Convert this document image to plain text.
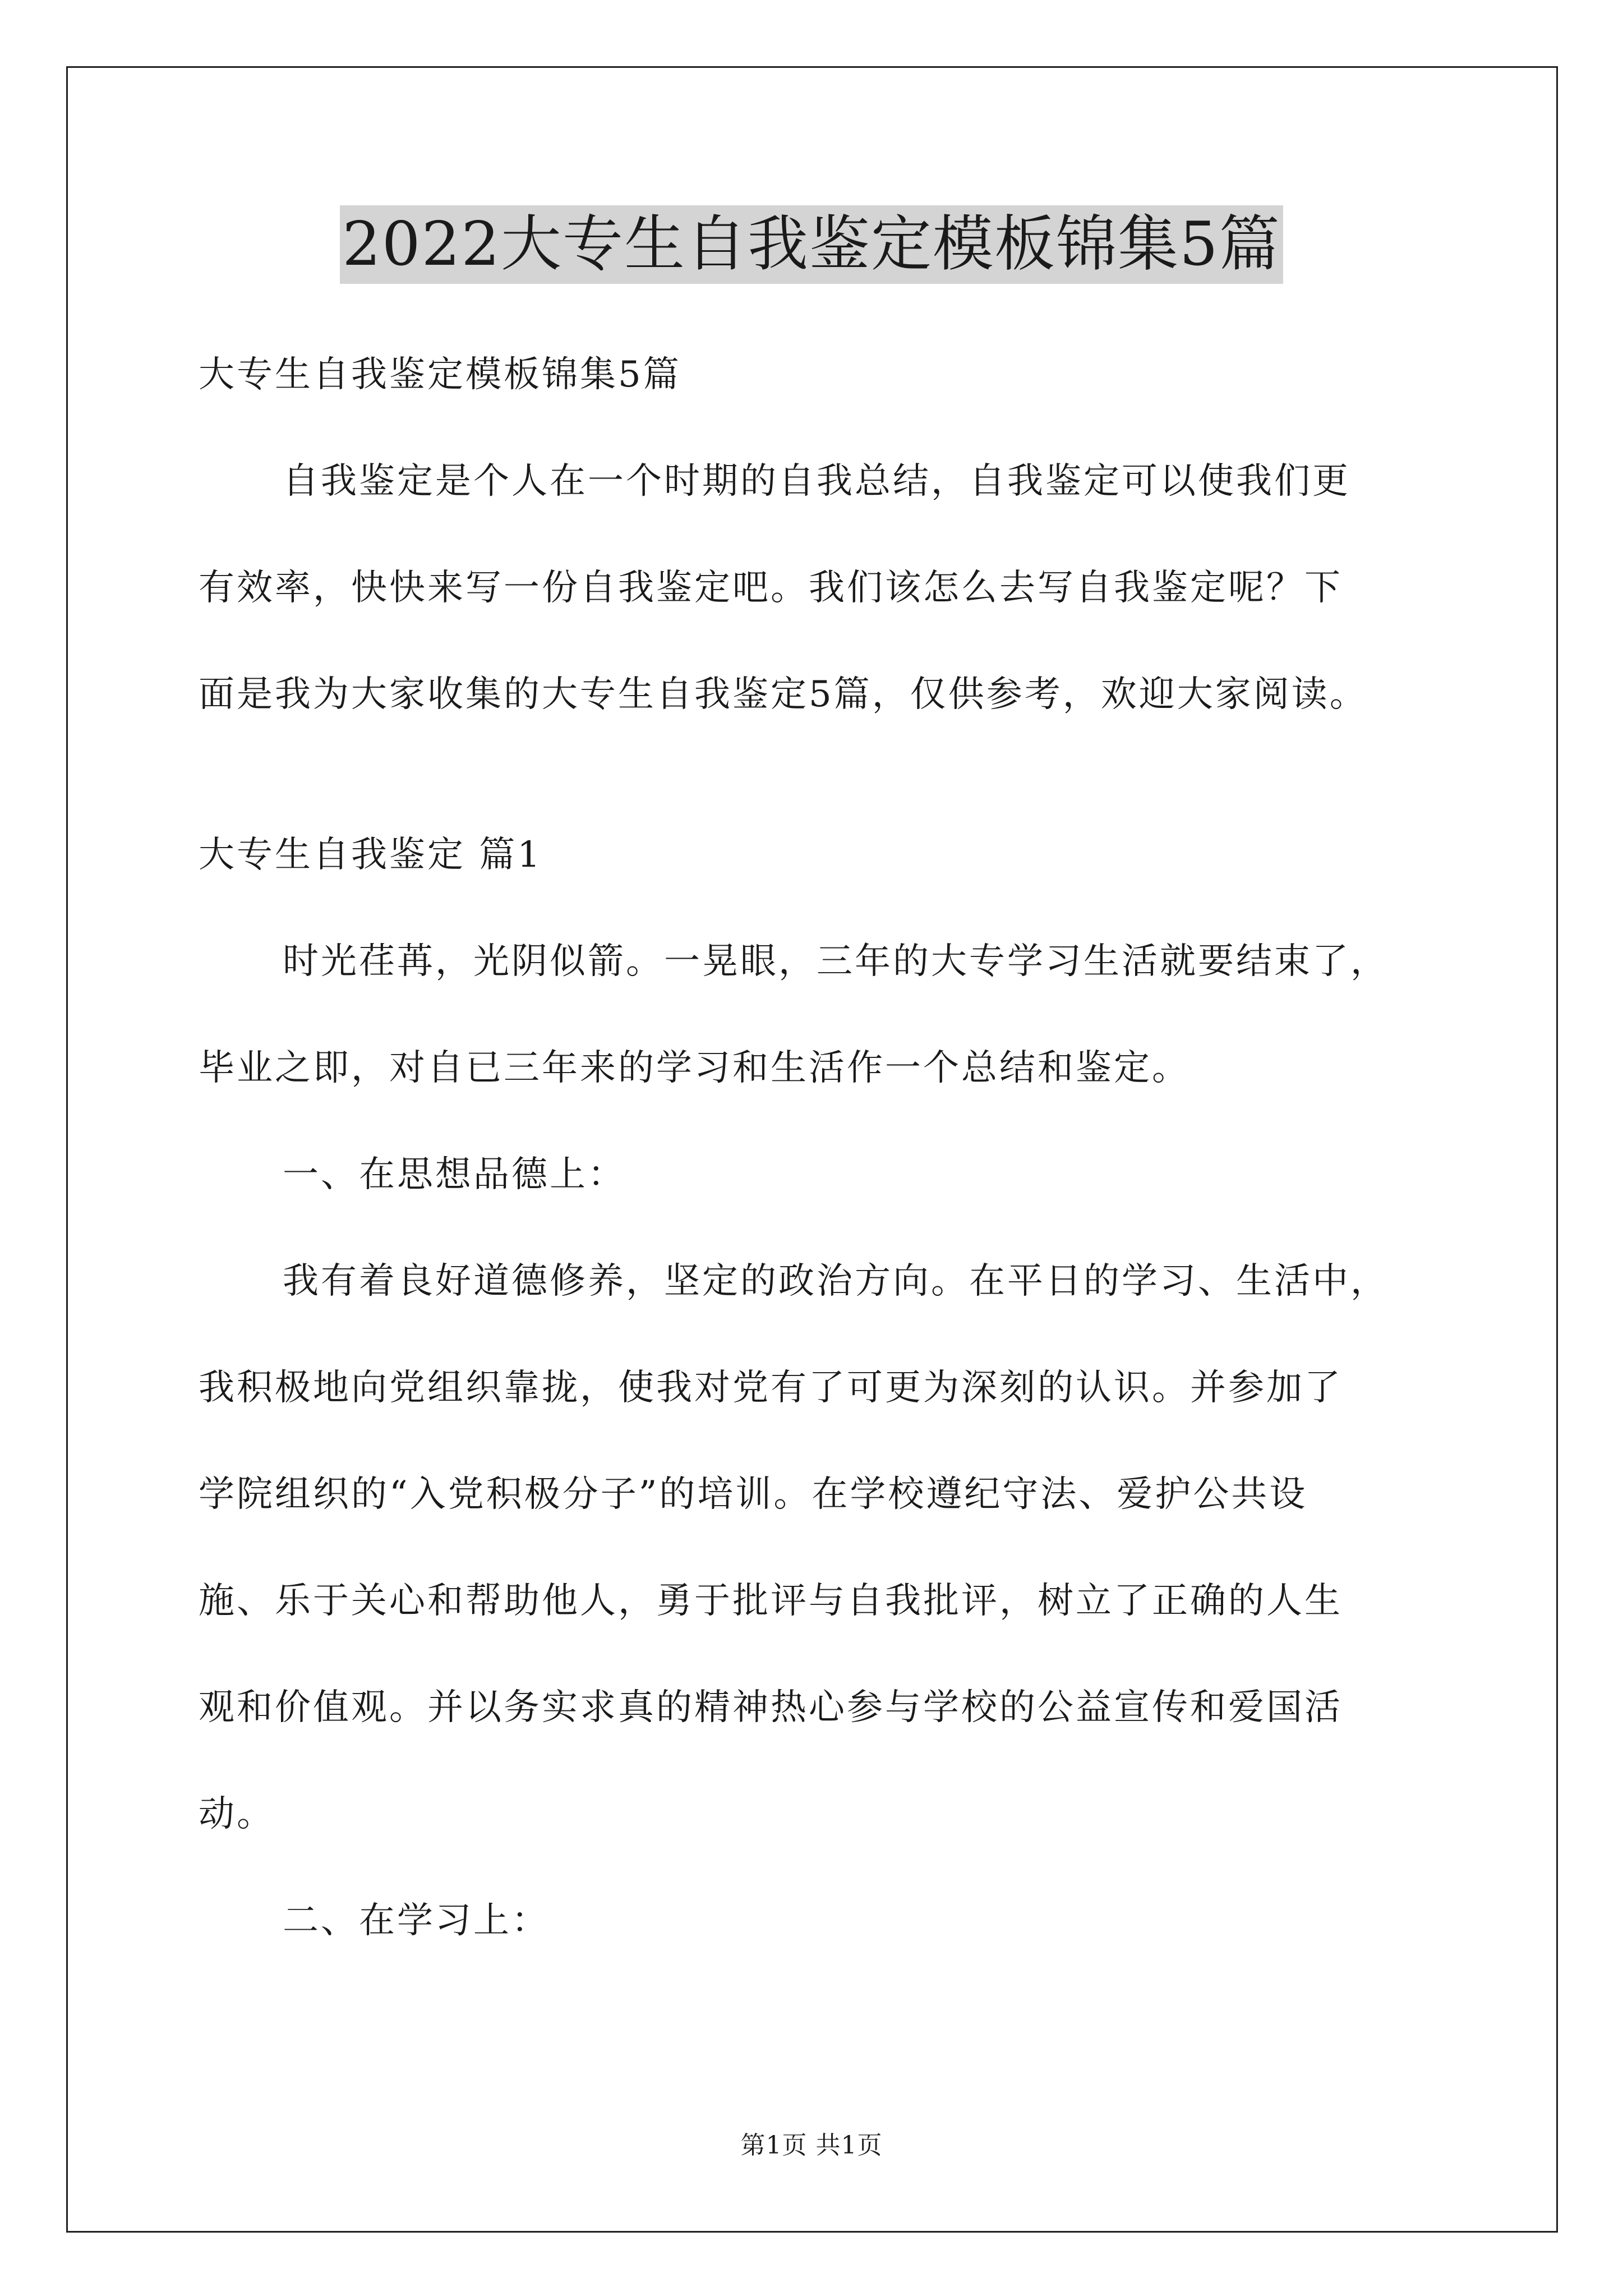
2022大专生自我鉴定模板锦集5篇

大专生自我鉴定模板锦集5篇

自我鉴定是个人在一个时期的自我总结，自我鉴定可以使我们更

有效率，快快来写一份自我鉴定吧。我们该怎么去写自我鉴定呢？下

面是我为大家收集的大专生自我鉴定5篇，仅供参考，欢迎大家阅读。

大专生自我鉴定 篇1

时光荏苒，光阴似箭。一晃眼，三年的大专学习生活就要结束了，

毕业之即，对自已三年来的学习和生活作一个总结和鉴定。

一、在思想品德上：

我有着良好道德修养，坚定的政治方向。在平日的学习、生活中，

我积极地向党组织靠拢，使我对党有了可更为深刻的认识。并参加了

学院组织的“入党积极分子”的培训。在学校遵纪守法、爱护公共设

施、乐于关心和帮助他人，勇于批评与自我批评，树立了正确的人生

观和价值观。并以务实求真的精神热心参与学校的公益宣传和爱国活

动。

二、在学习上：

第1页 共1页
